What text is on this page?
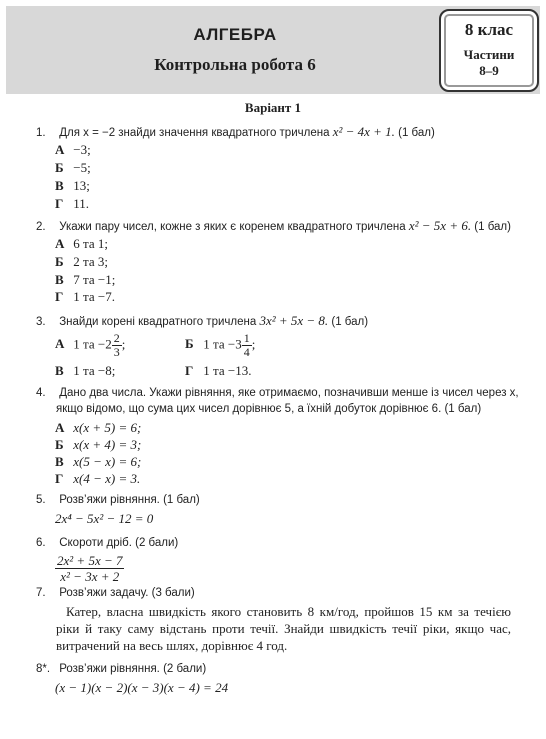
АЛГЕБРА
Контрольна робота 6
8 клас
Частини
8–9
Варіант 1
1. Для x = −2 знайди значення квадратного тричлена x² − 4x + 1. (1 бал)
А −3;
Б −5;
В 13;
Г 11.
2. Укажи пару чисел, кожне з яких є коренем квадратного тричлена x² − 5x + 6. (1 бал)
А 6 та 1;
Б 2 та 3;
В 7 та −1;
Г 1 та −7.
3. Знайди корені квадратного тричлена 3x² + 5x − 8. (1 бал)
А 1 та $-2 \frac{2}{3}$ ;	Б 1 та $-3 \frac{1}{4}$ ;
В 1 та −8;	Г 1 та −13.
4. Дано два числа. Укажи рівняння, яке отримаємо, позначивши менше із чисел через x,
якщо відомо, що сума цих чисел дорівнює 5, а їхній добуток дорівнює 6. (1 бал)
А x(x + 5) = 6;
Б x(x + 4) = 3;
В x(5 − x) = 6;
Г x(4 − x) = 3.
5. Розв’яжи рівняння. (1 бал)
2x⁴ − 5x² − 12 = 0
6. Скороти дріб. (2 бали)
$\frac{\text{2x² + 5x − 7}}{\text{x² − 3x + 2}}$
7. Розв’яжи задачу. (3 бали)
Катер, власна швидкість якого становить 8 км/год, пройшов 15 км за течією ріки й таку саму відстань проти течії. Знайди швидкість течії ріки, якщо час, витрачений на весь шлях, дорівнює 4 год.
8*. Розв’яжи рівняння. (2 бали)
(x − 1)(x − 2)(x − 3)(x − 4) = 24
